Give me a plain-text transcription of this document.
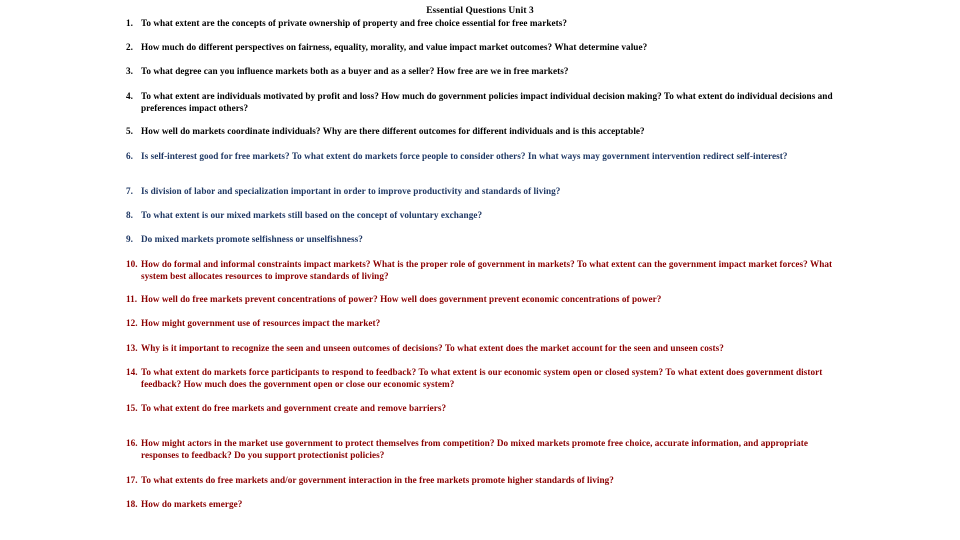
Essential Questions Unit 3
1. To what extent are the concepts of private ownership of property and free choice essential for free markets?
2. How much do different perspectives on fairness, equality, morality, and value impact market outcomes? What determine value?
3. To what degree can you influence markets both as a buyer and as a seller? How free are we in free markets?
4. To what extent are individuals motivated by profit and loss? How much do government policies impact individual decision making? To what extent do individual decisions and preferences impact others?
5. How well do markets coordinate individuals? Why are there different outcomes for different individuals and is this acceptable?
6. Is self-interest good for free markets? To what extent do markets force people to consider others? In what ways may government intervention redirect self-interest?
7. Is division of labor and specialization important in order to improve productivity and standards of living?
8. To what extent is our mixed markets still based on the concept of voluntary exchange?
9. Do mixed markets promote selfishness or unselfishness?
10. How do formal and informal constraints impact markets? What is the proper role of government in markets? To what extent can the government impact market forces? What system best allocates resources to improve standards of living?
11. How well do free markets prevent concentrations of power? How well does government prevent economic concentrations of power?
12. How might government use of resources impact the market?
13. Why is it important to recognize the seen and unseen outcomes of decisions? To what extent does the market account for the seen and unseen costs?
14. To what extent do markets force participants to respond to feedback? To what extent is our economic system open or closed system? To what extent does government distort feedback? How much does the government open or close our economic system?
15. To what extent do free markets and government create and remove barriers?
16. How might actors in the market use government to protect themselves from competition? Do mixed markets promote free choice, accurate information, and appropriate responses to feedback? Do you support protectionist policies?
17. To what extents do free markets and/or government interaction in the free markets promote higher standards of living?
18. How do markets emerge?
